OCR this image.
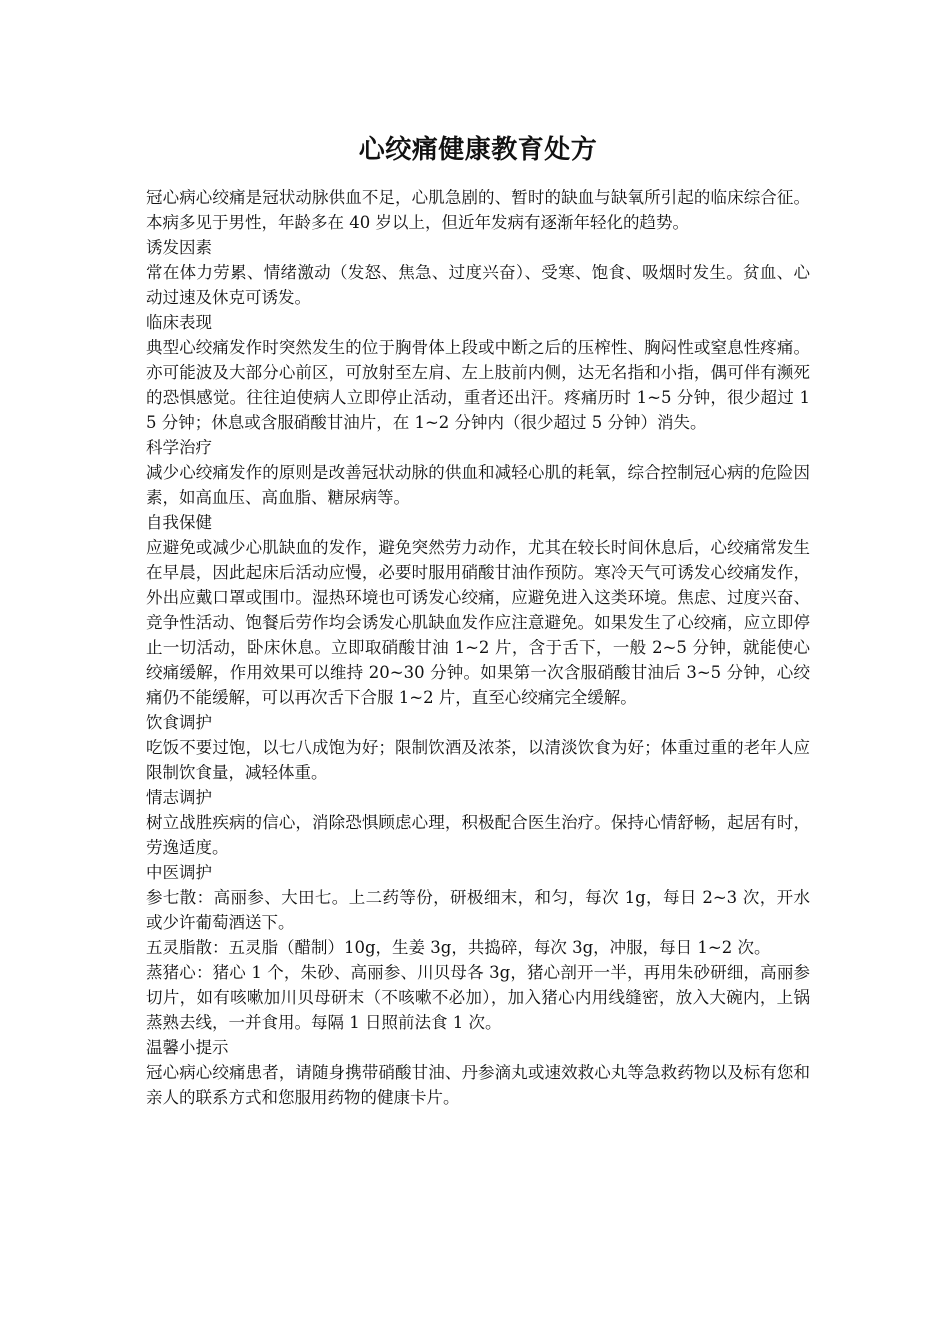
心绞痛健康教育处方

冠心病心绞痛是冠状动脉供血不足，心肌急剧的、暂时的缺血与缺氧所引起的临床综合征。本病多见于男性，年龄多在 40 岁以上，但近年发病有逐渐年轻化的趋势。

诱发因素

常在体力劳累、情绪激动（发怒、焦急、过度兴奋）、受寒、饱食、吸烟时发生。贫血、心动过速及休克可诱发。

临床表现

典型心绞痛发作时突然发生的位于胸骨体上段或中断之后的压榨性、胸闷性或窒息性疼痛。亦可能波及大部分心前区，可放射至左肩、左上肢前内侧，达无名指和小指，偶可伴有濒死的恐惧感觉。往往迫使病人立即停止活动，重者还出汗。疼痛历时 1~5 分钟，很少超过 15 分钟；休息或含服硝酸甘油片，在 1~2 分钟内（很少超过 5 分钟）消失。

科学治疗

减少心绞痛发作的原则是改善冠状动脉的供血和减轻心肌的耗氧，综合控制冠心病的危险因素，如高血压、高血脂、糖尿病等。

自我保健

应避免或减少心肌缺血的发作，避免突然劳力动作，尤其在较长时间休息后，心绞痛常发生在早晨，因此起床后活动应慢，必要时服用硝酸甘油作预防。寒冷天气可诱发心绞痛发作，外出应戴口罩或围巾。湿热环境也可诱发心绞痛，应避免进入这类环境。焦虑、过度兴奋、竞争性活动、饱餐后劳作均会诱发心肌缺血发作应注意避免。如果发生了心绞痛，应立即停止一切活动，卧床休息。立即取硝酸甘油 1~2 片，含于舌下，一般 2~5 分钟，就能使心绞痛缓解，作用效果可以维持 20~30 分钟。如果第一次含服硝酸甘油后 3~5 分钟，心绞痛仍不能缓解，可以再次舌下合服 1~2 片，直至心绞痛完全缓解。

饮食调护

吃饭不要过饱，以七八成饱为好；限制饮酒及浓茶，以清淡饮食为好；体重过重的老年人应限制饮食量，减轻体重。

情志调护

树立战胜疾病的信心，消除恐惧顾虑心理，积极配合医生治疗。保持心情舒畅，起居有时，劳逸适度。

中医调护

参七散：高丽参、大田七。上二药等份，研极细末，和匀，每次 1g，每日 2~3 次，开水或少许葡萄酒送下。

五灵脂散：五灵脂（醋制）10g，生姜 3g，共捣碎，每次 3g，冲服，每日 1~2 次。

蒸猪心：猪心 1 个，朱砂、高丽参、川贝母各 3g，猪心剖开一半，再用朱砂研细，高丽参切片，如有咳嗽加川贝母研末（不咳嗽不必加），加入猪心内用线缝密，放入大碗内，上锅蒸熟去线，一并食用。每隔 1 日照前法食 1 次。

温馨小提示

冠心病心绞痛患者，请随身携带硝酸甘油、丹参滴丸或速效救心丸等急救药物以及标有您和亲人的联系方式和您服用药物的健康卡片。
